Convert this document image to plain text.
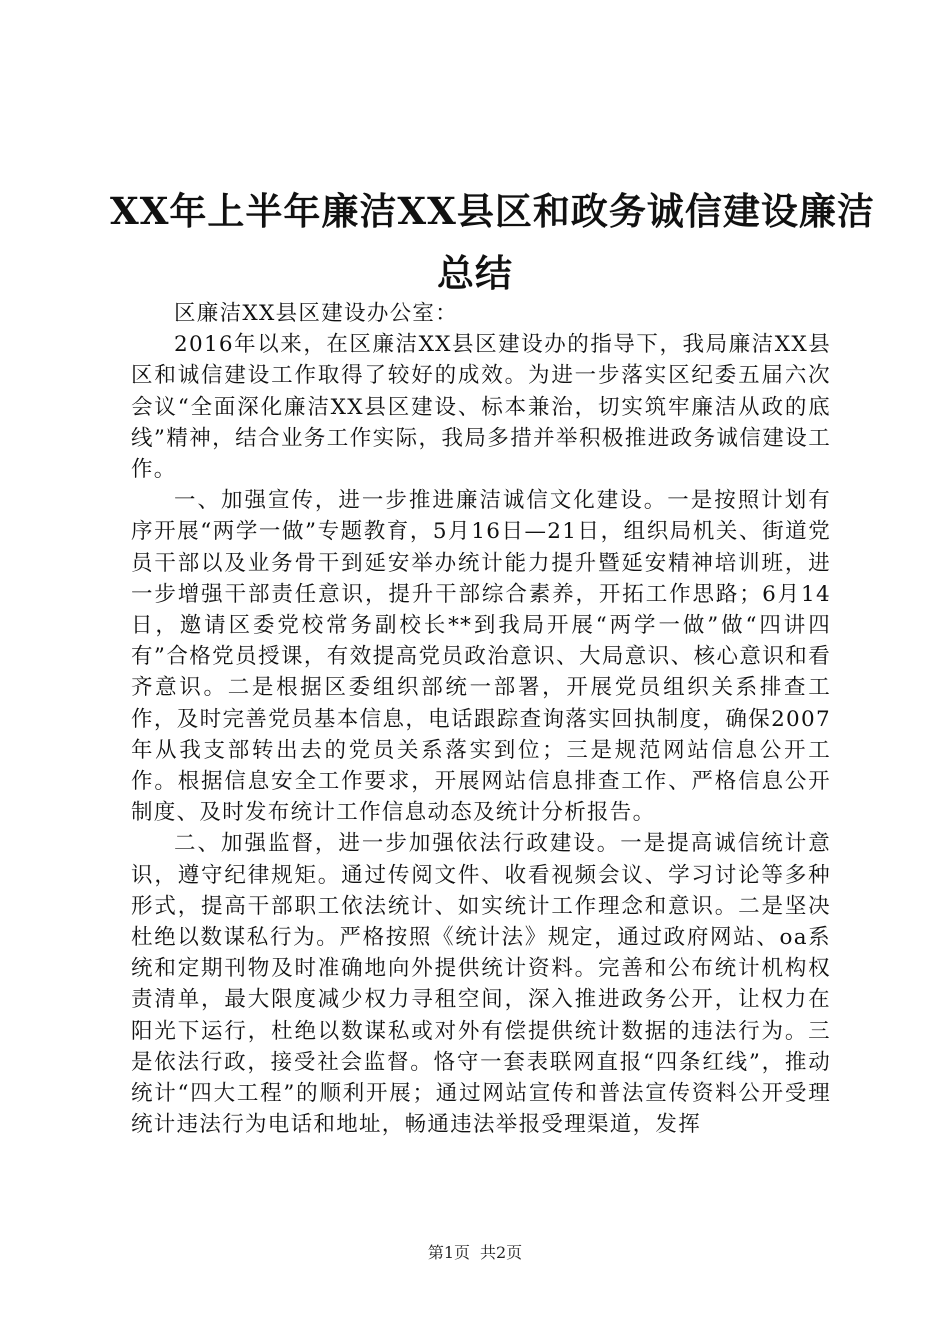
XX年上半年廉洁XX县区和政务诚信建设廉洁
总结

区廉洁XX县区建设办公室：

2016年以来，在区廉洁XX县区建设办的指导下，我局廉洁XX县区和诚信建设工作取得了较好的成效。为进一步落实区纪委五届六次会议“全面深化廉洁XX县区建设、标本兼治，切实筑牢廉洁从政的底线”精神，结合业务工作实际，我局多措并举积极推进政务诚信建设工作。

一、加强宣传，进一步推进廉洁诚信文化建设。一是按照计划有序开展“两学一做”专题教育，5月16日—21日，组织局机关、街道党员干部以及业务骨干到延安举办统计能力提升暨延安精神培训班，进一步增强干部责任意识，提升干部综合素养，开拓工作思路；6月14日，邀请区委党校常务副校长**到我局开展“两学一做”做“四讲四有”合格党员授课，有效提高党员政治意识、大局意识、核心意识和看齐意识。二是根据区委组织部统一部署，开展党员组织关系排查工作，及时完善党员基本信息，电话跟踪查询落实回执制度，确保2007年从我支部转出去的党员关系落实到位；三是规范网站信息公开工作。根据信息安全工作要求，开展网站信息排查工作、严格信息公开制度、及时发布统计工作信息动态及统计分析报告。

二、加强监督，进一步加强依法行政建设。一是提高诚信统计意识，遵守纪律规矩。通过传阅文件、收看视频会议、学习讨论等多种形式，提高干部职工依法统计、如实统计工作理念和意识。二是坚决杜绝以数谋私行为。严格按照《统计法》规定，通过政府网站、oa系统和定期刊物及时准确地向外提供统计资料。完善和公布统计机构权责清单，最大限度减少权力寻租空间，深入推进政务公开，让权力在阳光下运行，杜绝以数谋私或对外有偿提供统计数据的违法行为。三是依法行政，接受社会监督。恪守一套表联网直报“四条红线”，推动统计“四大工程”的顺利开展；通过网站宣传和普法宣传资料公开受理统计违法行为电话和地址，畅通违法举报受理渠道，发挥

第1页 共2页
